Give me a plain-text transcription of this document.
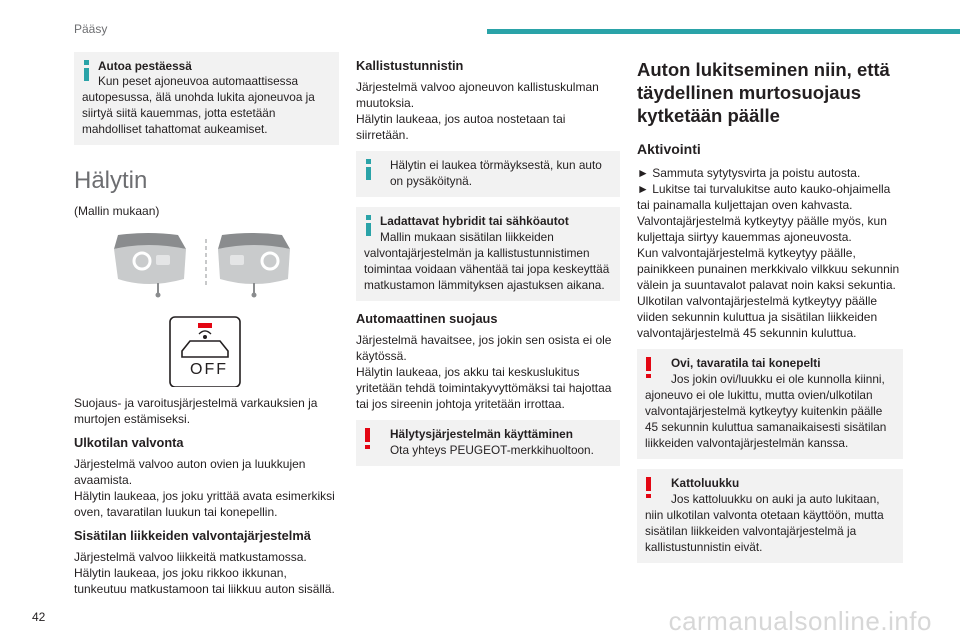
Pääsy
Autoa pestäessä
Kun peset ajoneuvoa automaattisessa autopesussa, älä unohda lukita ajoneuvoa ja siirtyä siitä kauemmas, jotta estetään mahdolliset tahattomat aukeamiset.
Hälytin

(Mallin mukaan)

OFF

Suojaus- ja varoitusjärjestelmä varkauksien ja murtojen estämiseksi.

Ulkotilan valvonta

Järjestelmä valvoo auton ovien ja luukkujen avaamista.

Hälytin laukeaa, jos joku yrittää avata esimerkiksi oven, tavaratilan luukun tai konepellin.

Sisätilan liikkeiden valvontajärjestelmä

Järjestelmä valvoo liikkeitä matkustamossa.

Hälytin laukeaa, jos joku rikkoo ikkunan, tunkeutuu matkustamoon tai liikkuu auton sisällä.

Kallistustunnistin

Järjestelmä valvoo ajoneuvon kallistuskulman muutoksia.

Hälytin laukeaa, jos autoa nostetaan tai siirretään.

Hälytin ei laukea törmäyksestä, kun auto on pysäköitynä.
Ladattavat hybridit tai sähköautot
Mallin mukaan sisätilan liikkeiden valvontajärjestelmän ja kallistustunnistimen toimintaa voidaan vähentää tai jopa keskeyttää matkustamon lämmityksen ajastuksen aikana.
Automaattinen suojaus

Järjestelmä havaitsee, jos jokin sen osista ei ole käytössä.

Hälytin laukeaa, jos akku tai keskuslukitus yritetään tehdä toimintakyvyttömäksi tai hajottaa tai jos sireenin johtoja yritetään irrottaa.

Hälytysjärjestelmän käyttäminen
Ota yhteys PEUGEOT-merkkihuoltoon.
Auton lukitseminen niin, että täydellinen murtosuojaus kytketään päälle
Aktivointi

► Sammuta sytytysvirta ja poistu autosta.

► Lukitse tai turvalukitse auto kauko-ohjaimella tai painamalla kuljettajan oven kahvasta.

Valvontajärjestelmä kytkeytyy päälle myös, kun kuljettaja siirtyy kauemmas ajoneuvosta.

Kun valvontajärjestelmä kytkeytyy päälle, painikkeen punainen merkkivalo vilkkuu sekunnin välein ja suuntavalot palavat noin kaksi sekuntia.

Ulkotilan valvontajärjestelmä kytkeytyy päälle viiden sekunnin kuluttua ja sisätilan liikkeiden valvontajärjestelmä 45 sekunnin kuluttua.

Ovi, tavaratila tai konepelti
Jos jokin ovi/luukku ei ole kunnolla kiinni, ajoneuvo ei ole lukittu, mutta ovien/ulkotilan valvontajärjestelmä kytkeytyy kuitenkin päälle 45 sekunnin kuluttua samanaikaisesti sisätilan liikkeiden valvontajärjestelmän kanssa.
Kattoluukku
Jos kattoluukku on auki ja auto lukitaan, niin ulkotilan valvonta otetaan käyttöön, mutta sisätilan liikkeiden valvontajärjestelmä ja kallistustunnistin eivät.
42	carmanualsonline.info
